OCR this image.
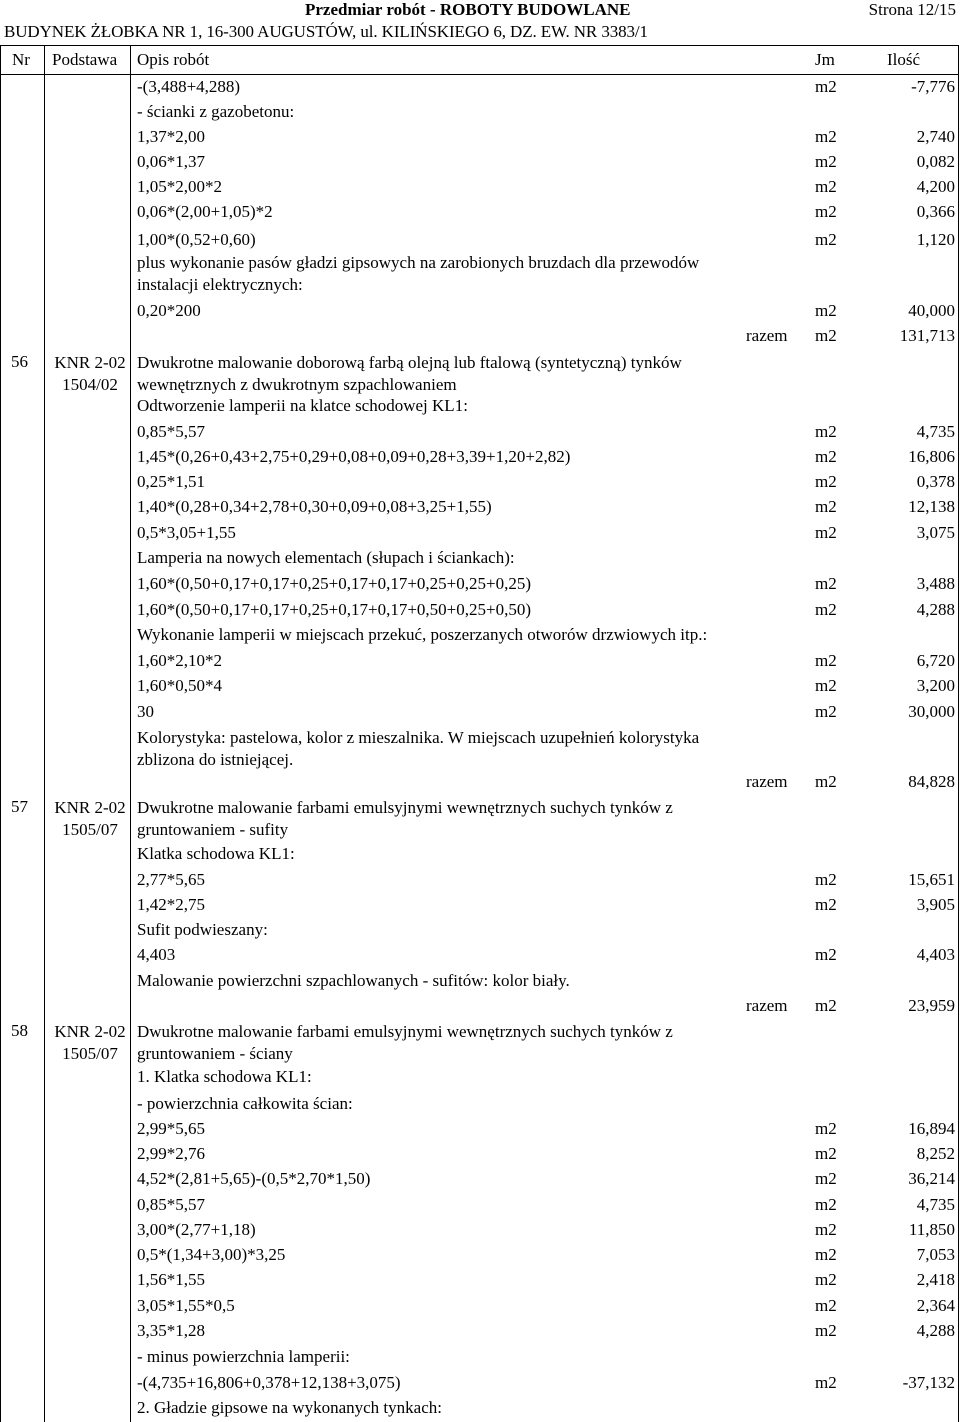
Przedmiar robót - ROBOTY BUDOWLANE	Strona 12/15
BUDYNEK ŻŁOBKA NR 1, 16-300 AUGUSTÓW, ul. KILIŃSKIEGO 6, DZ. EW. NR 3383/1
Nr Podstawa Opis robót	Jm	Ilość
-(3,488+4,288)	m2	-7,776
- ścianki z gazobetonu:
1,37*2,00	m2	2,740
0,06*1,37	m2	0,082
1,05*2,00*2	m2	4,200
0,06*(2,00+1,05)*2	m2	0,366
1,00*(0,52+0,60)	m2	1,120
plus wykonanie pasów gładzi gipsowych na zarobionych bruzdach dla przewodów instalacji elektrycznych:
0,20*200	m2	40,000
razem m2	131,713
56	KNR 2-02 1504/02
Dwukrotne malowanie doborową farbą olejną lub ftalową (syntetyczną) tynków wewnętrznych z dwukrotnym szpachlowaniem
Odtworzenie lamperii na klatce schodowej KL1:
0,85*5,57	m2	4,735
1,45*(0,26+0,43+2,75+0,29+0,08+0,09+0,28+3,39+1,20+2,82)	m2	16,806
0,25*1,51	m2	0,378
1,40*(0,28+0,34+2,78+0,30+0,09+0,08+3,25+1,55)	m2	12,138
0,5*3,05+1,55	m2	3,075
Lamperia na nowych elementach (słupach i ściankach):
1,60*(0,50+0,17+0,17+0,25+0,17+0,17+0,25+0,25+0,25)	m2	3,488
1,60*(0,50+0,17+0,17+0,25+0,17+0,17+0,50+0,25+0,50)	m2	4,288
Wykonanie lamperii w miejscach przekuć, poszerzanych otworów drzwiowych itp.:
1,60*2,10*2	m2	6,720
1,60*0,50*4	m2	3,200
30	m2	30,000
Kolorystyka: pastelowa, kolor z mieszalnika. W miejscach uzupełnień kolorystyka zblizona do istniejącej.
razem m2	84,828
57	KNR 2-02 1505/07
Dwukrotne malowanie farbami emulsyjnymi wewnętrznych suchych tynków z gruntowaniem - sufity
Klatka schodowa KL1:
2,77*5,65	m2	15,651
1,42*2,75	m2	3,905
Sufit podwieszany:
4,403	m2	4,403
Malowanie powierzchni szpachlowanych - sufitów: kolor biały.
razem m2	23,959
58	KNR 2-02 1505/07
Dwukrotne malowanie farbami emulsyjnymi wewnętrznych suchych tynków z gruntowaniem - ściany
1. Klatka schodowa KL1:
- powierzchnia całkowita ścian:
2,99*5,65	m2	16,894
2,99*2,76	m2	8,252
4,52*(2,81+5,65)-(0,5*2,70*1,50)	m2	36,214
0,85*5,57	m2	4,735
3,00*(2,77+1,18)	m2	11,850
0,5*(1,34+3,00)*3,25	m2	7,053
1,56*1,55	m2	2,418
3,05*1,55*0,5	m2	2,364
3,35*1,28	m2	4,288
- minus powierzchnia lamperii:
-(4,735+16,806+0,378+12,138+3,075)	m2	-37,132
2. Gładzie gipsowe na wykonanych tynkach:
